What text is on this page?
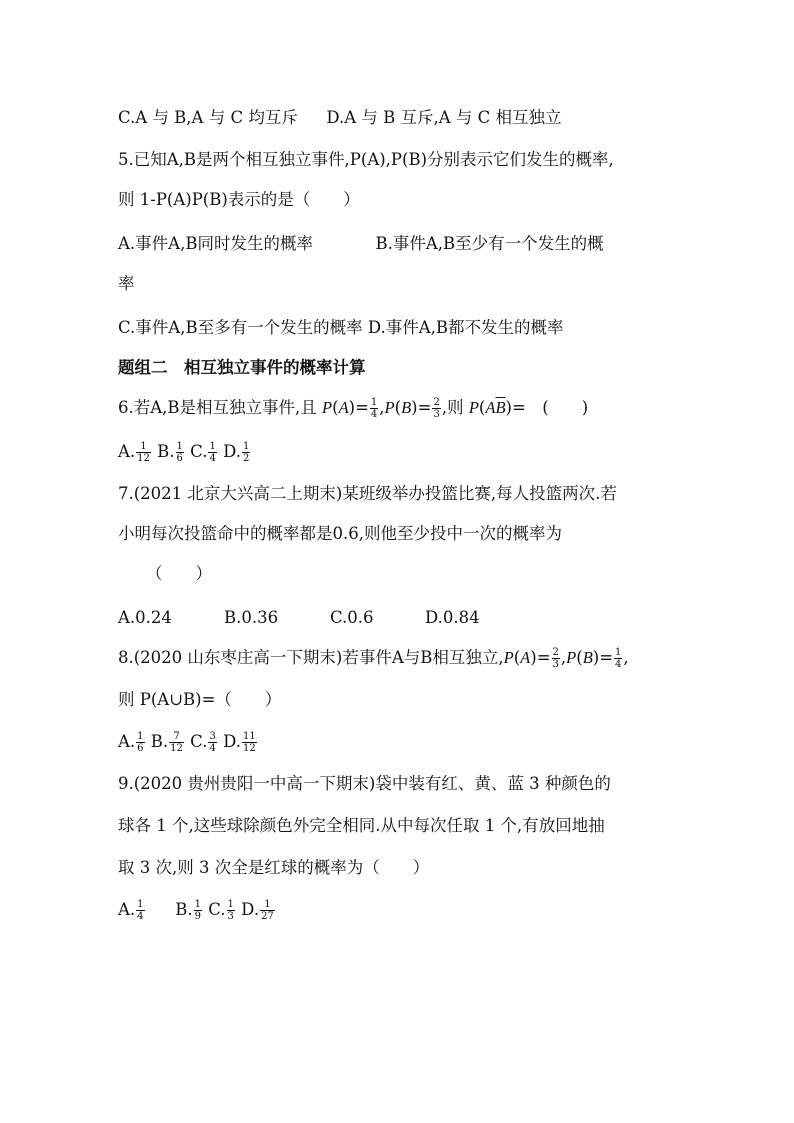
C.A 与 B,A 与 C 均互斥 D.A 与 B 互斥,A 与 C 相互独立
5.已知A,B是两个相互独立事件,P(A),P(B)分别表示它们发生的概率,
则 1-P(A)P(B)表示的是（　　）
A.事件A,B同时发生的概率	B.事件A,B至少有一个发生的概
率
C.事件A,B至多有一个发生的概率 D.事件A,B都不发生的概率
题组二　相互独立事件的概率计算
6.若A,B是相互独立事件,且 $P(A)= \frac{1}{4} ,P(B)= \frac{2}{3}$ ,则 $P(A\overline{B})=$　(　　)
A. $\frac{1}{12} B$. $\frac{1}{6} C$. $\frac{1}{4} D$. $\frac{1}{2}$
7.(2021 北京大兴高二上期末)某班级举办投篮比赛,每人投篮两次.若
小明每次投篮命中的概率都是0.6,则他至少投中一次的概率为
（　　）
A.0.24	B.0.36	C.0.6	D.0.84
8.(2020 山东枣庄高一下期末)若事件A与B相互独立$,P(A)= \frac{2}{3} ,P(B)= \frac{1}{4}$ ,
则 P(A∪B)=（　　）
A. $\frac{1}{6} B$. $\frac{7}{12} C$. $\frac{3}{4} D$. $\frac{11}{12}$
9.(2020 贵州贵阳一中高一下期末)袋中装有红、黄、蓝 3 种颜色的
球各 1 个,这些球除颜色外完全相同.从中每次任取 1 个,有放回地抽
取 3 次,则 3 次全是红球的概率为（　　）
A. $\frac{1}{4} B$. $\frac{1}{9} C$. $\frac{1}{3} D$. $\frac{1}{27}$
